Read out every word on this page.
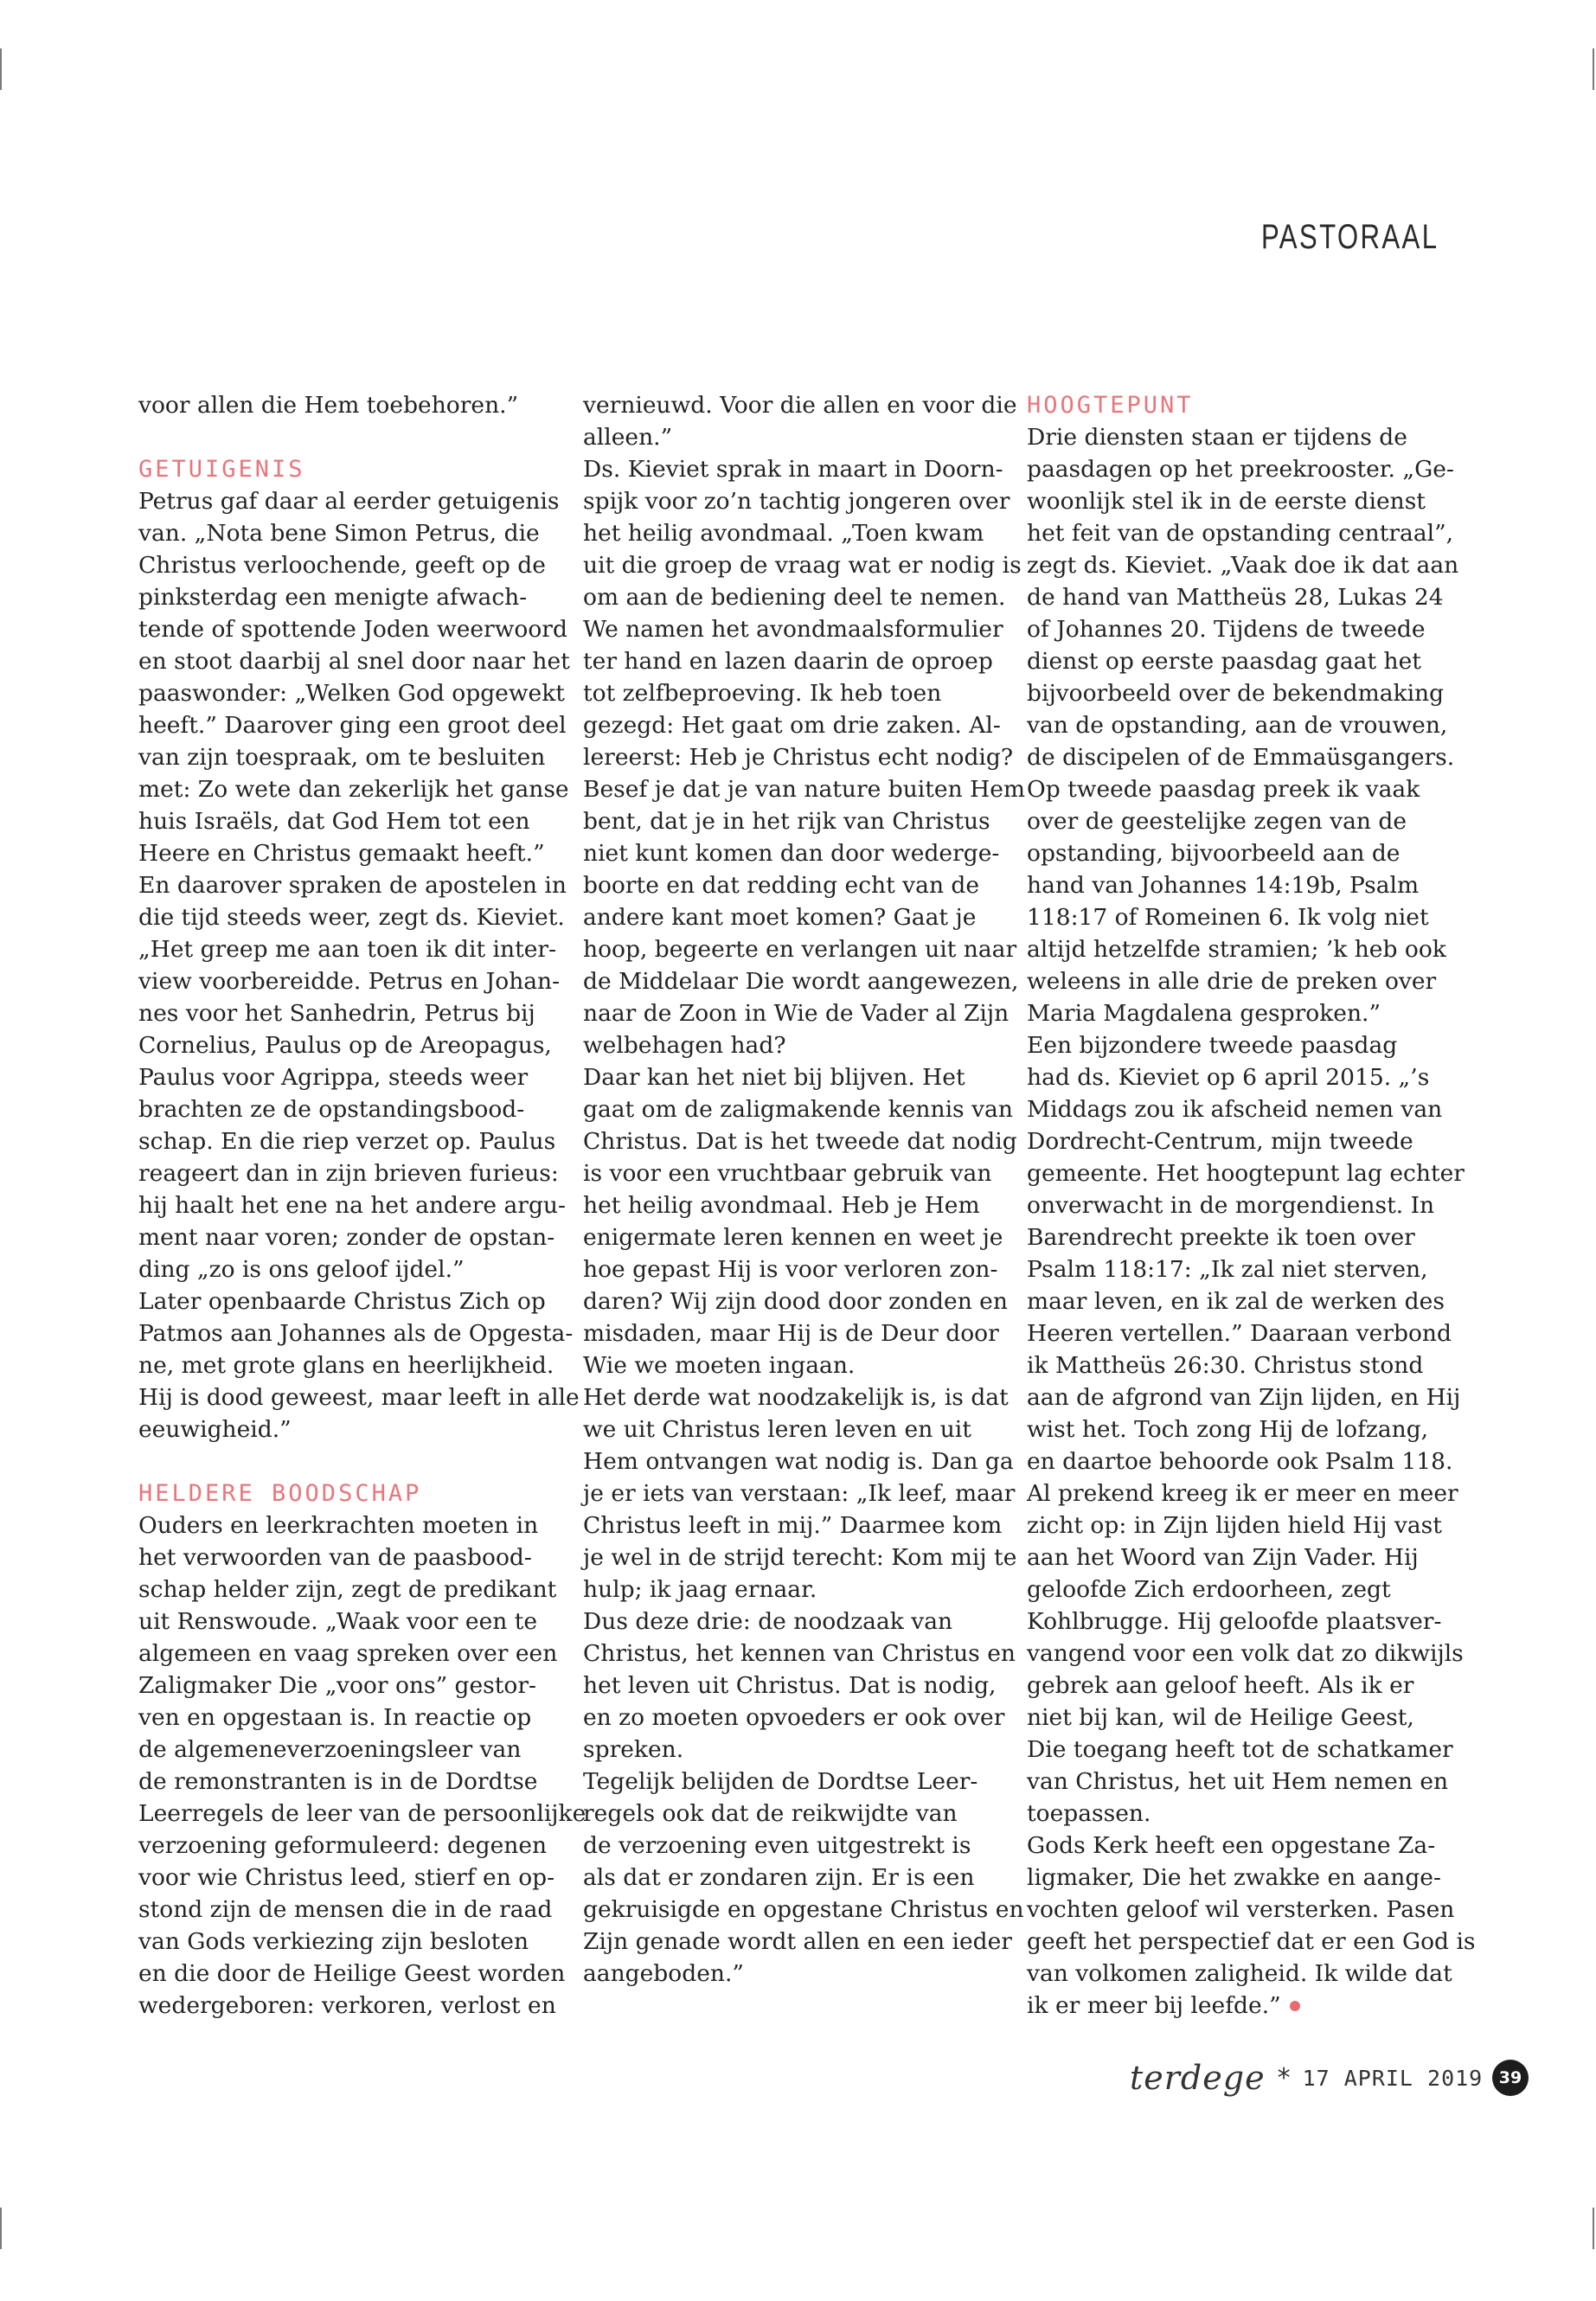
PASTORAAL
voor allen die Hem toebehoren.”
GETUIGENIS
Petrus gaf daar al eerder getuigenis
van. „Nota bene Simon Petrus, die
Christus verloochende, geeft op de
pinksterdag een menigte afwach-
tende of spottende Joden weerwoord
en stoot daarbij al snel door naar het
paaswonder: „Welken God opgewekt
heeft.” Daarover ging een groot deel
van zijn toespraak, om te besluiten
met: Zo wete dan zekerlijk het ganse
huis Israëls, dat God Hem tot een
Heere en Christus gemaakt heeft.”
En daarover spraken de apostelen in
die tijd steeds weer, zegt ds. Kieviet.
„Het greep me aan toen ik dit inter-
view voorbereidde. Petrus en Johan-
nes voor het Sanhedrin, Petrus bij
Cornelius, Paulus op de Areopagus,
Paulus voor Agrippa, steeds weer
brachten ze de opstandingsbood-
schap. En die riep verzet op. Paulus
reageert dan in zijn brieven furieus:
hij haalt het ene na het andere argu-
ment naar voren; zonder de opstan-
ding „zo is ons geloof ijdel.”
Later openbaarde Christus Zich op
Patmos aan Johannes als de Opgesta-
ne, met grote glans en heerlijkheid.
Hij is dood geweest, maar leeft in alle
eeuwigheid.”
HELDERE BOODSCHAP
Ouders en leerkrachten moeten in
het verwoorden van de paasbood-
schap helder zijn, zegt de predikant
uit Renswoude. „Waak voor een te
algemeen en vaag spreken over een
Zaligmaker Die „voor ons” gestor-
ven en opgestaan is. In reactie op
de algemeneverzoeningsleer van
de remonstranten is in de Dordtse
Leerregels de leer van de persoonlijke
verzoening geformuleerd: degenen
voor wie Christus leed, stierf en op-
stond zijn de mensen die in de raad
van Gods verkiezing zijn besloten
en die door de Heilige Geest worden
wedergeboren: verkoren, verlost en
vernieuwd. Voor die allen en voor die
alleen.”
Ds. Kieviet sprak in maart in Doorn-
spijk voor zo’n tachtig jongeren over
het heilig avondmaal. „Toen kwam
uit die groep de vraag wat er nodig is
om aan de bediening deel te nemen.
We namen het avondmaalsformulier
ter hand en lazen daarin de oproep
tot zelfbeproeving. Ik heb toen
gezegd: Het gaat om drie zaken. Al-
lereerst: Heb je Christus echt nodig?
Besef je dat je van nature buiten Hem
bent, dat je in het rijk van Christus
niet kunt komen dan door wederge-
boorte en dat redding echt van de
andere kant moet komen? Gaat je
hoop, begeerte en verlangen uit naar
de Middelaar Die wordt aangewezen,
naar de Zoon in Wie de Vader al Zijn
welbehagen had?
Daar kan het niet bij blijven. Het
gaat om de zaligmakende kennis van
Christus. Dat is het tweede dat nodig
is voor een vruchtbaar gebruik van
het heilig avondmaal. Heb je Hem
enigermate leren kennen en weet je
hoe gepast Hij is voor verloren zon-
daren? Wij zijn dood door zonden en
misdaden, maar Hij is de Deur door
Wie we moeten ingaan.
Het derde wat noodzakelijk is, is dat
we uit Christus leren leven en uit
Hem ontvangen wat nodig is. Dan ga
je er iets van verstaan: „Ik leef, maar
Christus leeft in mij.” Daarmee kom
je wel in de strijd terecht: Kom mij te
hulp; ik jaag ernaar.
Dus deze drie: de noodzaak van
Christus, het kennen van Christus en
het leven uit Christus. Dat is nodig,
en zo moeten opvoeders er ook over
spreken.
Tegelijk belijden de Dordtse Leer-
regels ook dat de reikwijdte van
de verzoening even uitgestrekt is
als dat er zondaren zijn. Er is een
gekruisigde en opgestane Christus en
Zijn genade wordt allen en een ieder
aangeboden.”
HOOGTEPUNT
Drie diensten staan er tijdens de
paasdagen op het preekrooster. „Ge-
woonlijk stel ik in de eerste dienst
het feit van de opstanding centraal”,
zegt ds. Kieviet. „Vaak doe ik dat aan
de hand van Mattheüs 28, Lukas 24
of Johannes 20. Tijdens de tweede
dienst op eerste paasdag gaat het
bijvoorbeeld over de bekendmaking
van de opstanding, aan de vrouwen,
de discipelen of de Emmaüsgangers.
Op tweede paasdag preek ik vaak
over de geestelijke zegen van de
opstanding, bijvoorbeeld aan de
hand van Johannes 14:19b, Psalm
118:17 of Romeinen 6. Ik volg niet
altijd hetzelfde stramien; ’k heb ook
weleens in alle drie de preken over
Maria Magdalena gesproken.”
Een bijzondere tweede paasdag
had ds. Kieviet op 6 april 2015. „’s
Middags zou ik afscheid nemen van
Dordrecht-Centrum, mijn tweede
gemeente. Het hoogtepunt lag echter
onverwacht in de morgendienst. In
Barendrecht preekte ik toen over
Psalm 118:17: „Ik zal niet sterven,
maar leven, en ik zal de werken des
Heeren vertellen.” Daaraan verbond
ik Mattheüs 26:30. Christus stond
aan de afgrond van Zijn lijden, en Hij
wist het. Toch zong Hij de lofzang,
en daartoe behoorde ook Psalm 118.
Al prekend kreeg ik er meer en meer
zicht op: in Zijn lijden hield Hij vast
aan het Woord van Zijn Vader. Hij
geloofde Zich erdoorheen, zegt
Kohlbrugge. Hij geloofde plaatsver-
vangend voor een volk dat zo dikwijls
gebrek aan geloof heeft. Als ik er
niet bij kan, wil de Heilige Geest,
Die toegang heeft tot de schatkamer
van Christus, het uit Hem nemen en
toepassen.
Gods Kerk heeft een opgestane Za-
ligmaker, Die het zwakke en aange-
vochten geloof wil versterken. Pasen
geeft het perspectief dat er een God is
van volkomen zaligheid. Ik wilde dat
ik er meer bij leefde.”
terdege * 17 APRIL 2019 39
